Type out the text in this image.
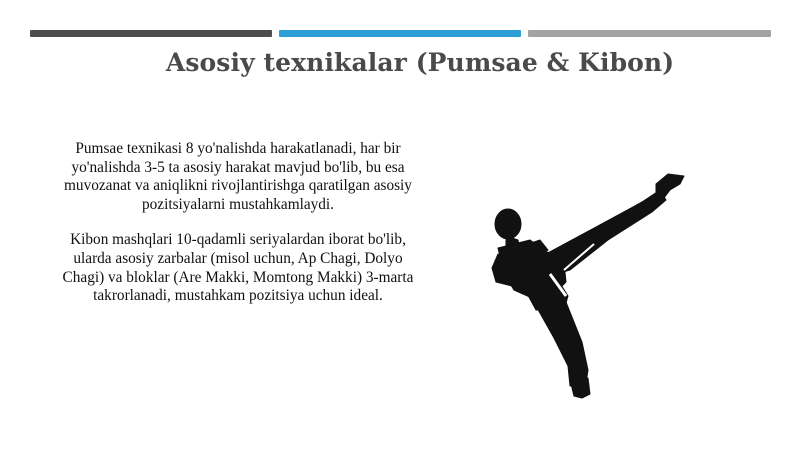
Asosiy texnikalar (Pumsae & Kibon)

Pumsae texnikasi 8 yo'nalishda harakatlanadi, har bir yo'nalishda 3-5 ta asosiy harakat mavjud bo'lib, bu esa muvozanat va aniqlikni rivojlantirishga qaratilgan asosiy pozitsiyalarni mustahkamlaydi.

Kibon mashqlari 10-qadamli seriyalardan iborat bo'lib, ularda asosiy zarbalar (misol uchun, Ap Chagi, Dolyo Chagi) va bloklar (Are Makki, Momtong Makki) 3-marta takrorlanadi, mustahkam pozitsiya uchun ideal.
